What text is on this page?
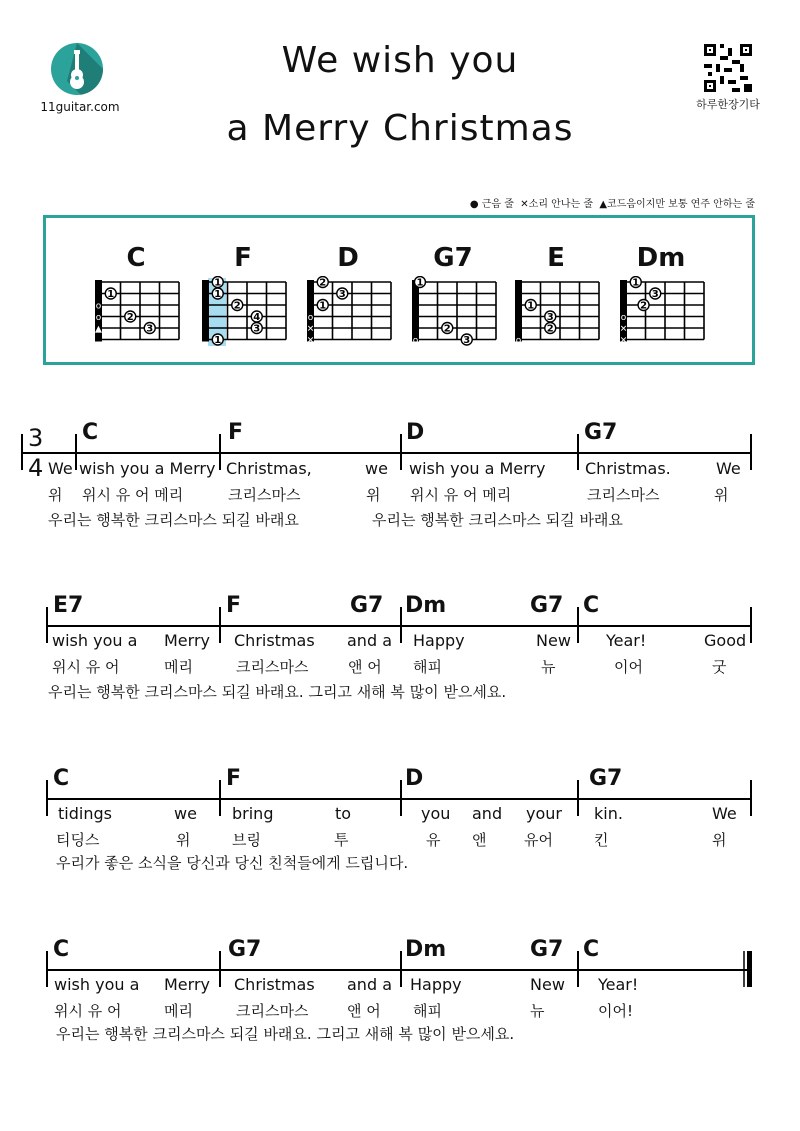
11guitar.com
We wish you
a Merry Christmas
하루한장기타
● 근음 줄 ✕소리 안나는 줄 ▲코드음이지만 보통 연주 안하는 줄
C
1
2
3
o
o
▲
F
1
1
2
4
3
1
D
2
3
1
o
✕
✕
G7
1
2
3
o
E
1
3
2
o
Dm
1
3
2
o
✕
✕
3
4
C	F	D	G7
We wish you a Merry Christmas,	we wish you a Merry Christmas.	We
위 위시 유 어 메리	크리스마스	위 위시 유 어 메리	크리스마스	위
우리는 행복한 크리스마스 되길 바래요	우리는 행복한 크리스마스 되길 바래요
E7	F	G7 Dm	G7 C
wish you a Merry Christmas and a Happy	New Year!	Good
위시 유 어	메리	크리스마스	앤 어 해피	뉴	이어	굿
우리는 행복한 크리스마스 되길 바래요. 그리고 새해 복 많이 받으세요.
C	F	D	G7
tidings	we bring	to	you and your kin.	We
티딩스	위	브링	투	유 앤	유어	킨	위
우리가 좋은 소식을 당신과 당신 친척들에게 드립니다.
C	G7	Dm	G7 C
wish you a Merry Christmas and a Happy	New Year!
위시 유 어	메리	크리스마스	앤 어 해피	뉴	이어!
우리는 행복한 크리스마스 되길 바래요. 그리고 새해 복 많이 받으세요.
